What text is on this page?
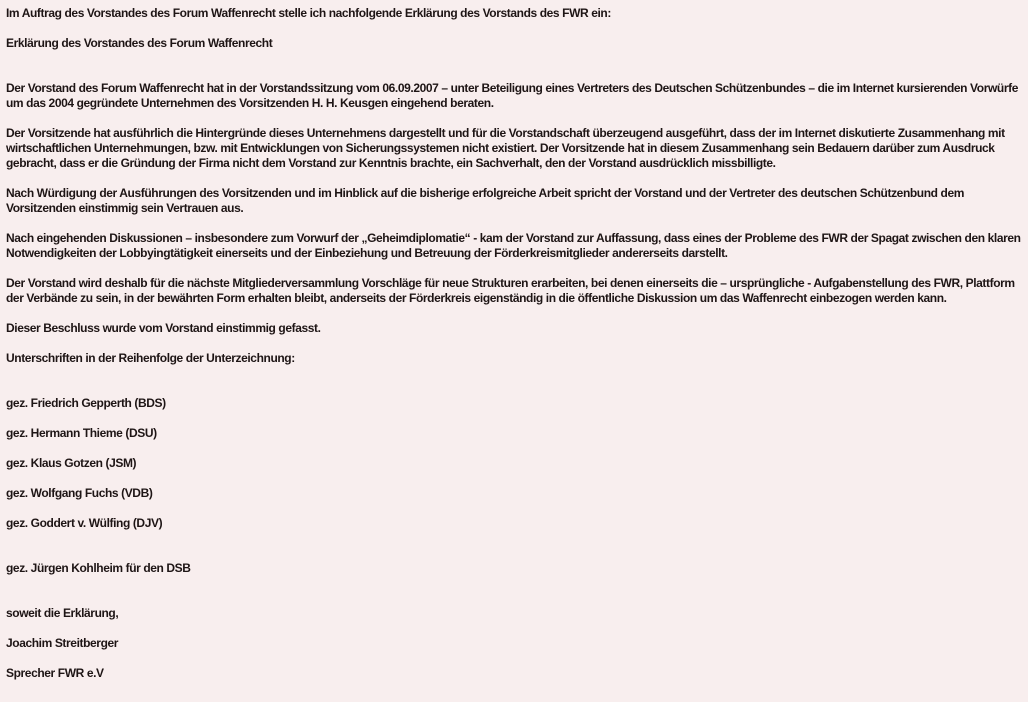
Im Auftrag des Vorstandes des Forum Waffenrecht stelle ich nachfolgende Erklärung des Vorstands des FWR ein:

Erklärung des Vorstandes des Forum Waffenrecht

Der Vorstand des Forum Waffenrecht hat in der Vorstandssitzung vom 06.09.2007 – unter Beteiligung eines Vertreters des Deutschen Schützenbundes – die im Internet kursierenden Vorwürfe um das 2004 gegründete Unternehmen des Vorsitzenden H. H. Keusgen eingehend beraten.

Der Vorsitzende hat ausführlich die Hintergründe dieses Unternehmens dargestellt und für die Vorstandschaft überzeugend ausgeführt, dass der im Internet diskutierte Zusammenhang mit wirtschaftlichen Unternehmungen, bzw. mit Entwicklungen von Sicherungssystemen nicht existiert. Der Vorsitzende hat in diesem Zusammenhang sein Bedauern darüber zum Ausdruck gebracht, dass er die Gründung der Firma nicht dem Vorstand zur Kenntnis brachte, ein Sachverhalt, den der Vorstand ausdrücklich missbilligte.

Nach Würdigung der Ausführungen des Vorsitzenden und im Hinblick auf die bisherige erfolgreiche Arbeit spricht der Vorstand und der Vertreter des deutschen Schützenbund dem Vorsitzenden einstimmig sein Vertrauen aus.

Nach eingehenden Diskussionen – insbesondere zum Vorwurf der „Geheimdiplomatie“ - kam der Vorstand zur Auffassung, dass eines der Probleme des FWR der Spagat zwischen den klaren Notwendigkeiten der Lobbyingtätigkeit einerseits und der Einbeziehung und Betreuung der Förderkreismitglieder andererseits darstellt.

Der Vorstand wird deshalb für die nächste Mitgliederversammlung Vorschläge für neue Strukturen erarbeiten, bei denen einerseits die – ursprüngliche - Aufgabenstellung des FWR, Plattform der Verbände zu sein, in der bewährten Form erhalten bleibt, anderseits der Förderkreis eigenständig in die öffentliche Diskussion um das Waffenrecht einbezogen werden kann.

Dieser Beschluss wurde vom Vorstand einstimmig gefasst.

Unterschriften in der Reihenfolge der Unterzeichnung:

gez. Friedrich Gepperth (BDS)

gez. Hermann Thieme (DSU)

gez. Klaus Gotzen (JSM)

gez. Wolfgang Fuchs (VDB)

gez. Goddert v. Wülfing (DJV)

gez. Jürgen Kohlheim für den DSB

soweit die Erklärung,

Joachim Streitberger

Sprecher FWR e.V
